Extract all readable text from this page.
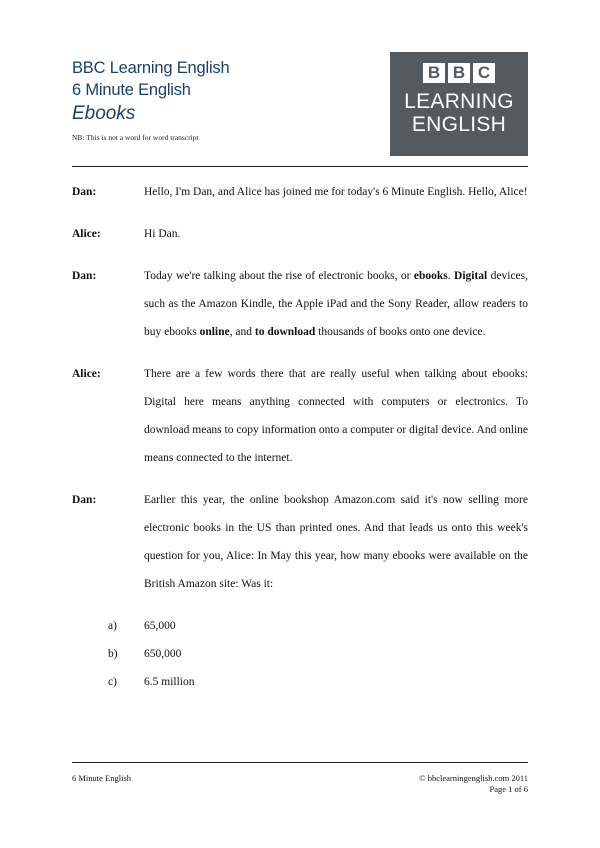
BBC Learning English
6 Minute English
Ebooks
NB: This is not a word for word transcript
B B C
LEARNING
ENGLISH
Dan:	Hello, I'm Dan, and Alice has joined me for today's 6 Minute English. Hello, Alice!
Alice:	Hi Dan.
Dan:	Today we're talking about the rise of electronic books, or ebooks. Digital devices, such as the Amazon Kindle, the Apple iPad and the Sony Reader, allow readers to buy ebooks online, and to download thousands of books onto one device.
Alice:	There are a few words there that are really useful when talking about ebooks: Digital here means anything connected with computers or electronics. To download means to copy information onto a computer or digital device. And online means connected to the internet.
Dan:	Earlier this year, the online bookshop Amazon.com said it's now selling more electronic books in the US than printed ones. And that leads us onto this week's question for you, Alice: In May this year, how many ebooks were available on the British Amazon site: Was it:
a)	65,000
b)	650,000
c)	6.5 million
6 Minute English	© bbclearningenglish.com 2011
Page 1 of 6
